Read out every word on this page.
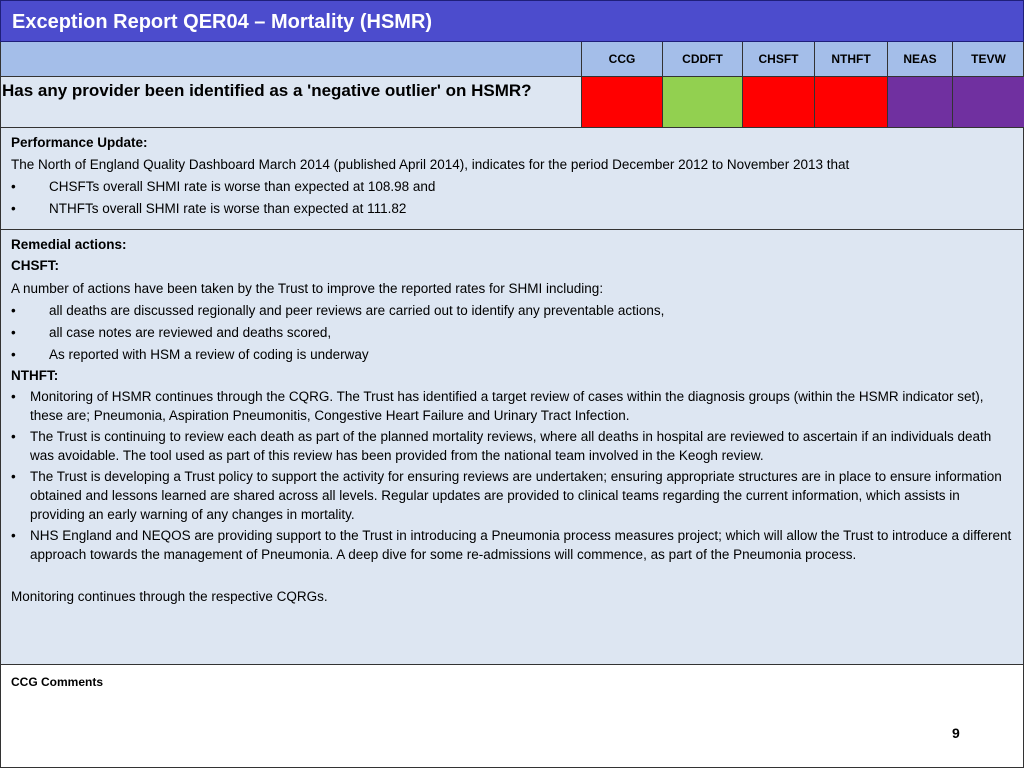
Exception Report QER04 – Mortality (HSMR)
CCG	CDDFT	CHSFT	NTHFT	NEAS	TEVW
Has any provider been identified as a 'negative outlier' on HSMR?
Performance Update:
The North of England Quality Dashboard March 2014 (published April 2014), indicates for the period December 2012 to November 2013 that
•	CHSFTs overall SHMI rate is worse than expected at 108.98 and
•	NTHFTs overall SHMI rate is worse than expected at 111.82
Remedial actions:
CHSFT:
A number of actions have been taken by the Trust to improve the reported rates for SHMI including:
•	all deaths are discussed regionally and peer reviews are carried out to identify any preventable actions,
•	all case notes are reviewed and deaths scored,
•	As reported with HSM a review of coding is underway
NTHFT:
•	Monitoring of HSMR continues through the CQRG. The Trust has identified a target review of cases within the diagnosis groups (within the HSMR indicator set), these are; Pneumonia, Aspiration Pneumonitis, Congestive Heart Failure and Urinary Tract Infection.
•	The Trust is continuing to review each death as part of the planned mortality reviews, where all deaths in hospital are reviewed to ascertain if an individuals death was avoidable. The tool used as part of this review has been provided from the national team involved in the Keogh review.
•	The Trust is developing a Trust policy to support the activity for ensuring reviews are undertaken; ensuring appropriate structures are in place to ensure information obtained and lessons learned are shared across all levels. Regular updates are provided to clinical teams regarding the current information, which assists in providing an early warning of any changes in mortality.
•	NHS England and NEQOS are providing support to the Trust in introducing a Pneumonia process measures project; which will allow the Trust to introduce a different approach towards the management of Pneumonia. A deep dive for some re-admissions will commence, as part of the Pneumonia process.
Monitoring continues through the respective CQRGs.
CCG Comments
9
